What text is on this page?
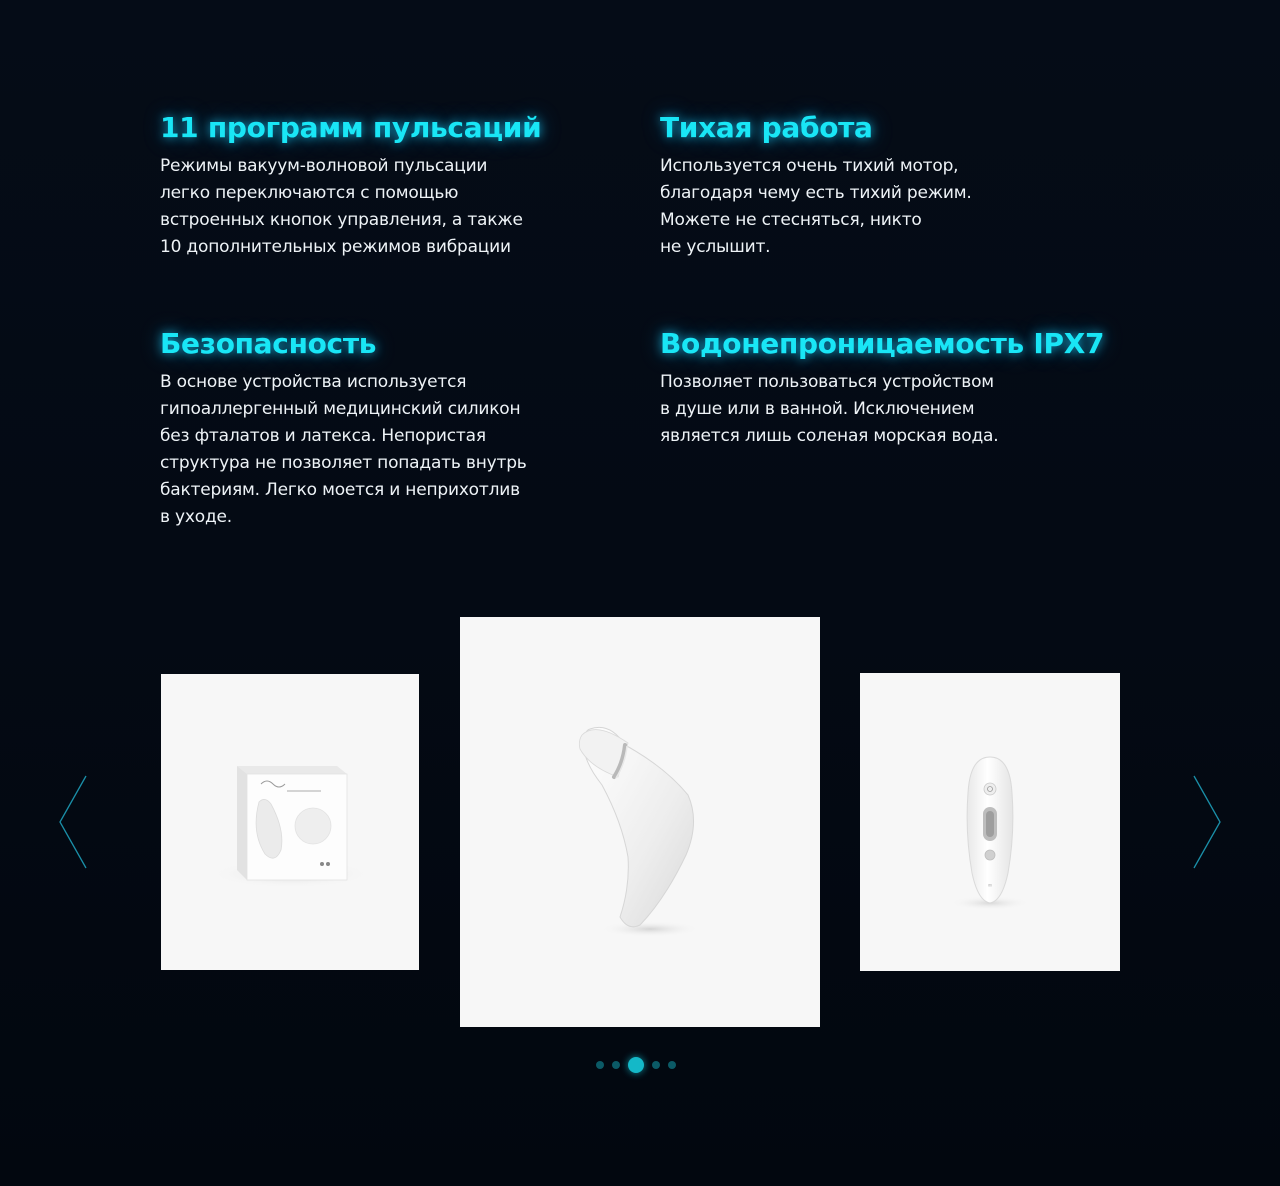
11 программ пульсаций

Режимы вакуум-волновой пульсации
легко переключаются с помощью
встроенных кнопок управления, а также
10 дополнительных режимов вибрации

Тихая работа

Используется очень тихий мотор,
благодаря чему есть тихий режим.
Можете не стесняться, никто
не услышит.

Безопасность

В основе устройства используется
гипоаллергенный медицинский силикон
без фталатов и латекса. Непористая
структура не позволяет попадать внутрь
бактериям. Легко моется и неприхотлив
в уходе.

Водонепроницаемость IPX7

Позволяет пользоваться устройством
в душе или в ванной. Исключением
является лишь соленая морская вода.

∞
